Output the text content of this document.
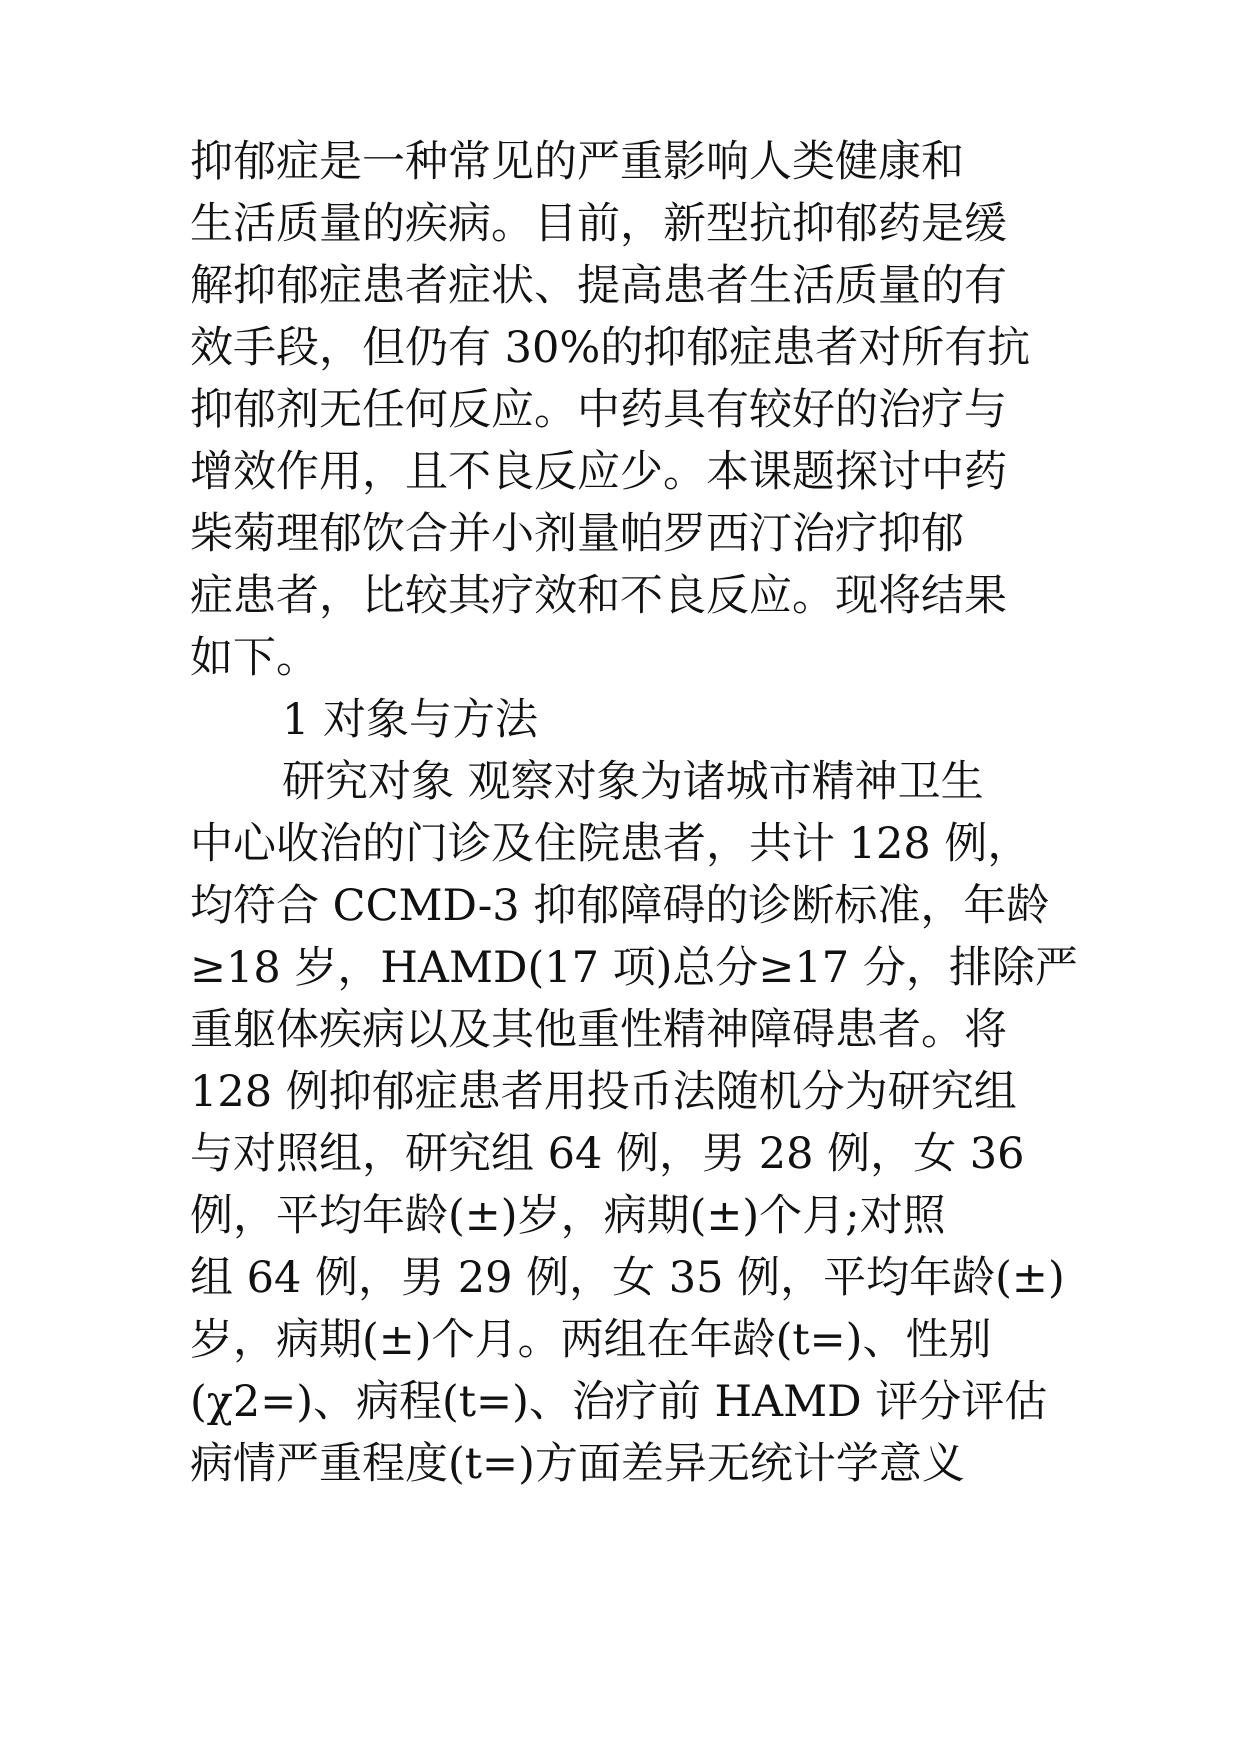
抑郁症是一种常见的严重影响人类健康和
生活质量的疾病。目前，新型抗抑郁药是缓
解抑郁症患者症状、提高患者生活质量的有
效手段，但仍有 30%的抑郁症患者对所有抗
抑郁剂无任何反应。中药具有较好的治疗与
增效作用，且不良反应少。本课题探讨中药
柴菊理郁饮合并小剂量帕罗西汀治疗抑郁
症患者，比较其疗效和不良反应。现将结果
如下。
1 对象与方法
研究对象 观察对象为诸城市精神卫生
中心收治的门诊及住院患者，共计 128 例，
均符合 CCMD-3 抑郁障碍的诊断标准，年龄
≥18 岁，HAMD(17 项)总分≥17 分，排除严
重躯体疾病以及其他重性精神障碍患者。将
128 例抑郁症患者用投币法随机分为研究组
与对照组，研究组 64 例，男 28 例，女 36
例，平均年龄(±)岁，病期(±)个月;对照
组 64 例，男 29 例，女 35 例，平均年龄(±)
岁，病期(±)个月。两组在年龄(t=)、性别
(χ2=)、病程(t=)、治疗前 HAMD 评分评估
病情严重程度(t=)方面差异无统计学意义
